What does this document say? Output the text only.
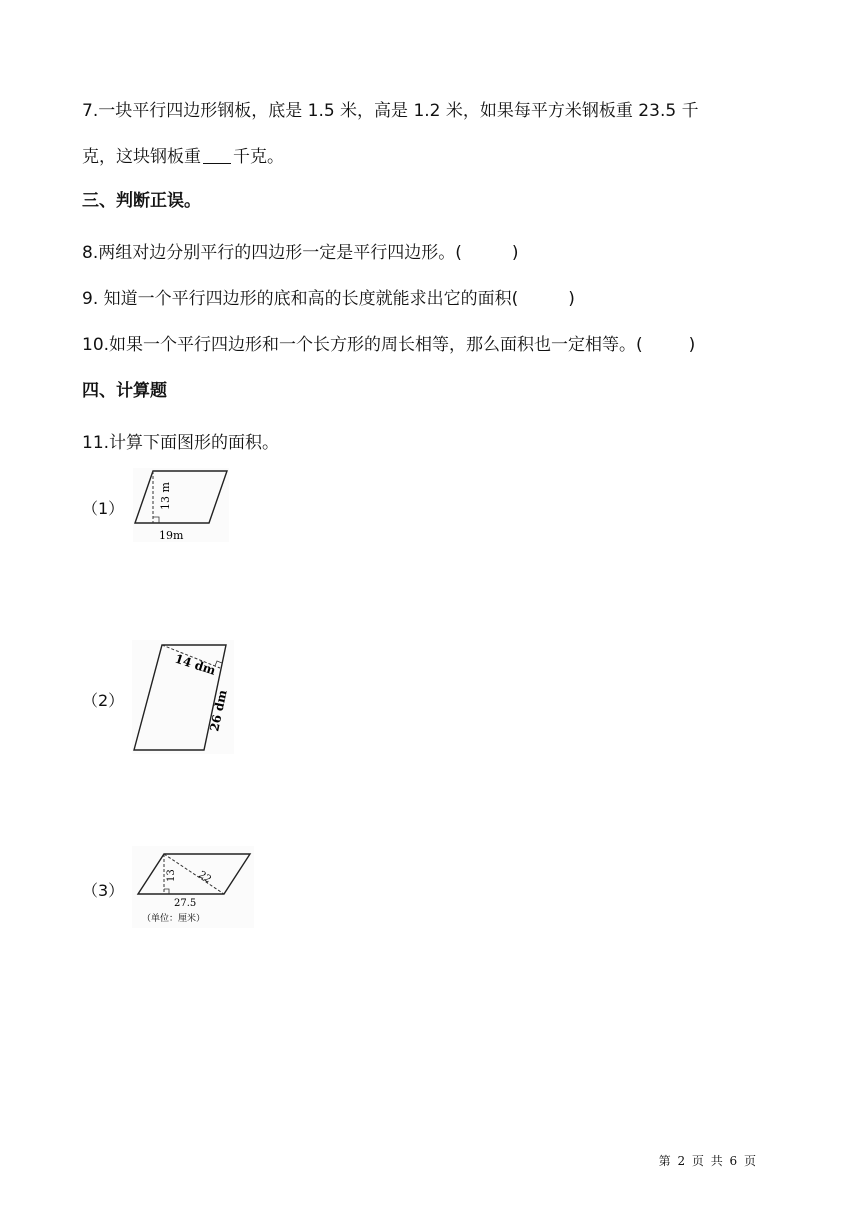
7.一块平行四边形钢板，底是 1.5 米，高是 1.2 米，如果每平方米钢板重 23.5 千
克，这块钢板重 千克。
三、判断正误。
8.两组对边分别平行的四边形一定是平行四边形。(	)
9. 知道一个平行四边形的底和高的长度就能求出它的面积(	)
10.如果一个平行四边形和一个长方形的周长相等，那么面积也一定相等。(	)
四、计算题
11.计算下面图形的面积。
（1）	13 m
19m
（2）
14 dm
26 dm
（3）
13 22
27.5
（单位：厘米）
第 2 页 共 6 页
